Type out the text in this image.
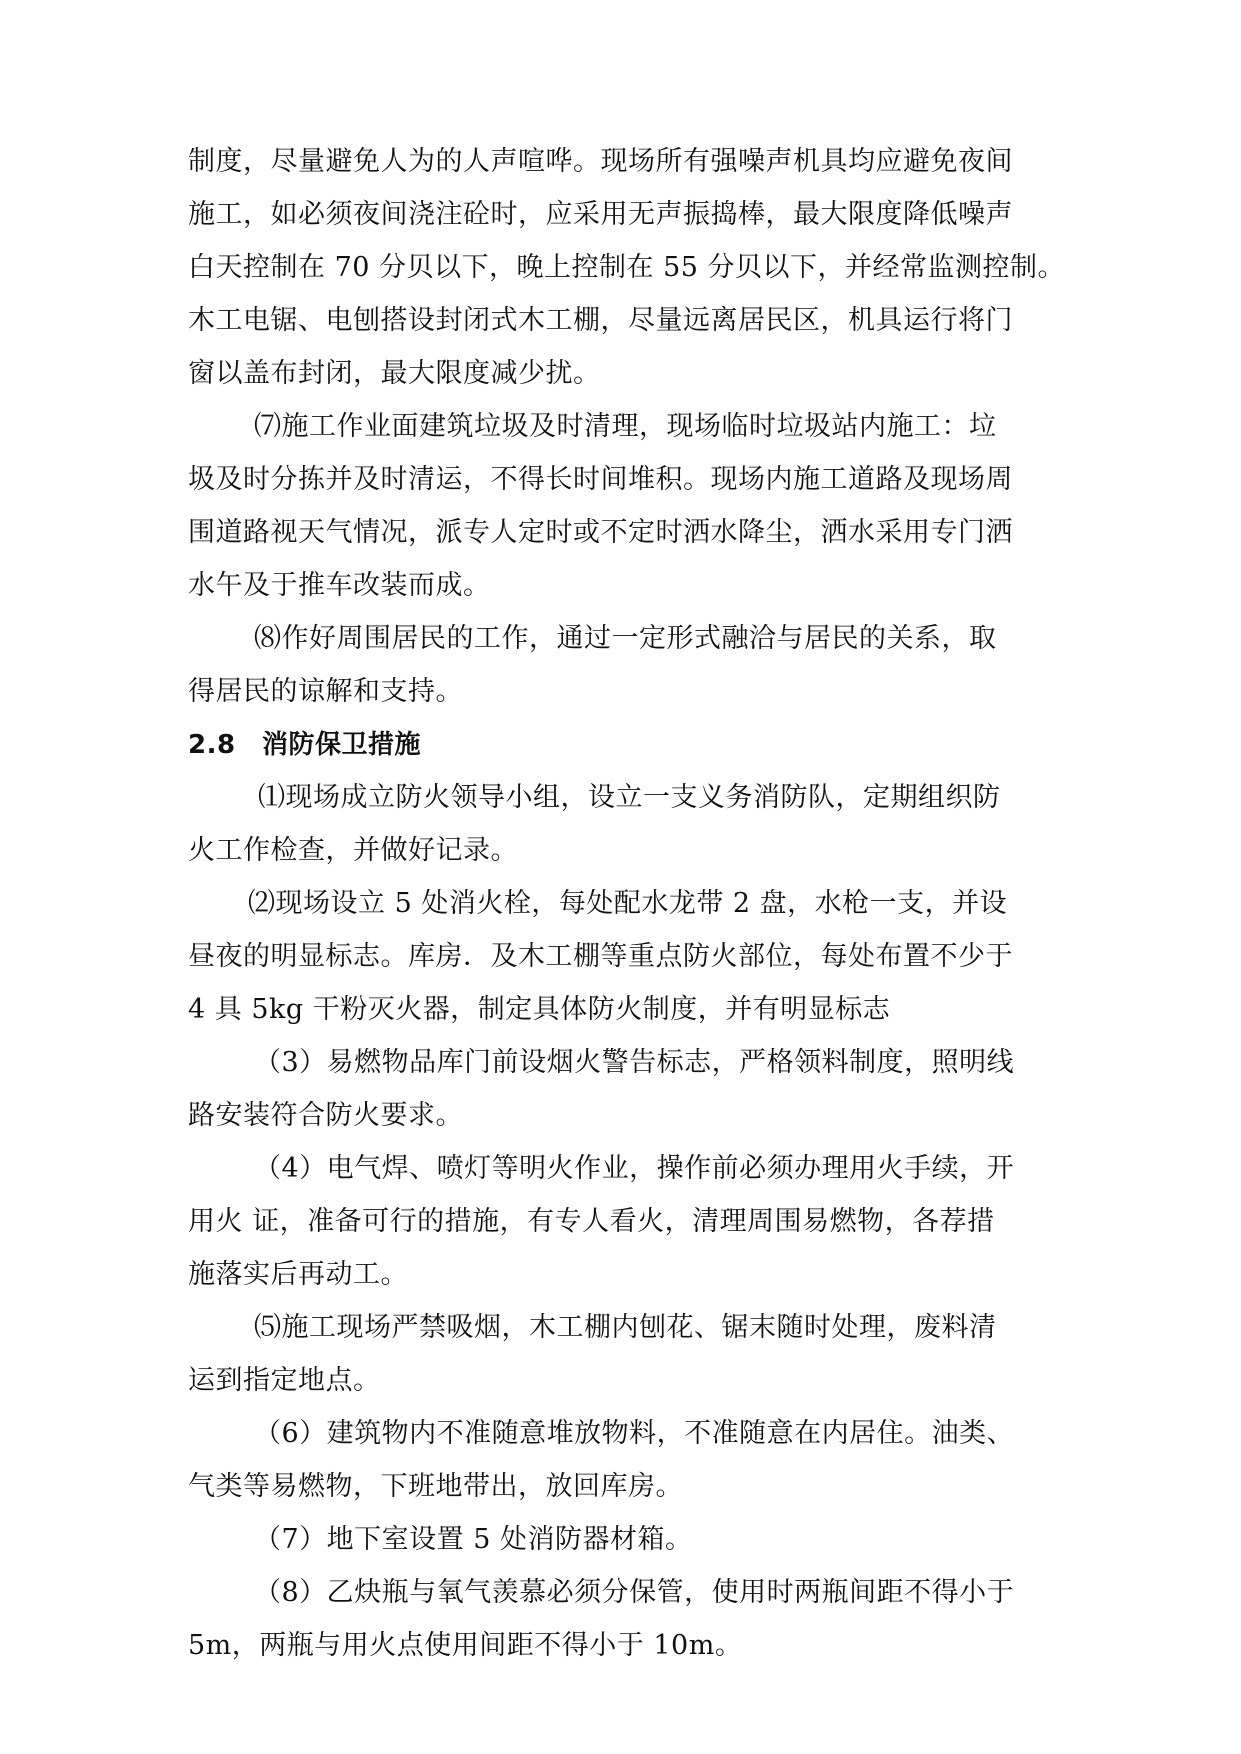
制度，尽量避免人为的人声喧哗。现场所有强噪声机具均应避免夜间
施工，如必须夜间浇注砼时，应采用无声振捣棒，最大限度降低噪声
白天控制在 70 分贝以下，晚上控制在 55 分贝以下，并经常监测控制。
木工电锯、电刨搭设封闭式木工棚，尽量远离居民区，机具运行将门
窗以盖布封闭，最大限度减少扰。
⑺施工作业面建筑垃圾及时清理，现场临时垃圾站内施工：垃
圾及时分拣并及时清运，不得长时间堆积。现场内施工道路及现场周
围道路视天气情况，派专人定时或不定时洒水降尘，洒水采用专门洒
水午及于推车改装而成。
⑻作好周围居民的工作，通过一定形式融洽与居民的关系，取
得居民的谅解和支持。
2.8　消防保卫措施
⑴现场成立防火领导小组，设立一支义务消防队，定期组织防
火工作检查，并做好记录。
⑵现场设立 5 处消火栓，每处配水龙带 2 盘，水枪一支，并设
昼夜的明显标志。库房．及木工棚等重点防火部位，每处布置不少于
4 具 5kg 干粉灭火器，制定具体防火制度，并有明显标志
（3）易燃物品库门前设烟火警告标志，严格领料制度，照明线
路安装符合防火要求。
（4）电气焊、喷灯等明火作业，操作前必须办理用火手续，开
用火 证，准备可行的措施，有专人看火，清理周围易燃物，各荐措
施落实后再动工。
⑸施工现场严禁吸烟，木工棚内刨花、锯末随时处理，废料清
运到指定地点。
（6）建筑物内不准随意堆放物料，不准随意在内居住。油类、
气类等易燃物，下班地带出，放回库房。
（7）地下室设置 5 处消防器材箱。
（8）乙炔瓶与氧气羡慕必须分保管，使用时两瓶间距不得小于
5m，两瓶与用火点使用间距不得小于 10m。
